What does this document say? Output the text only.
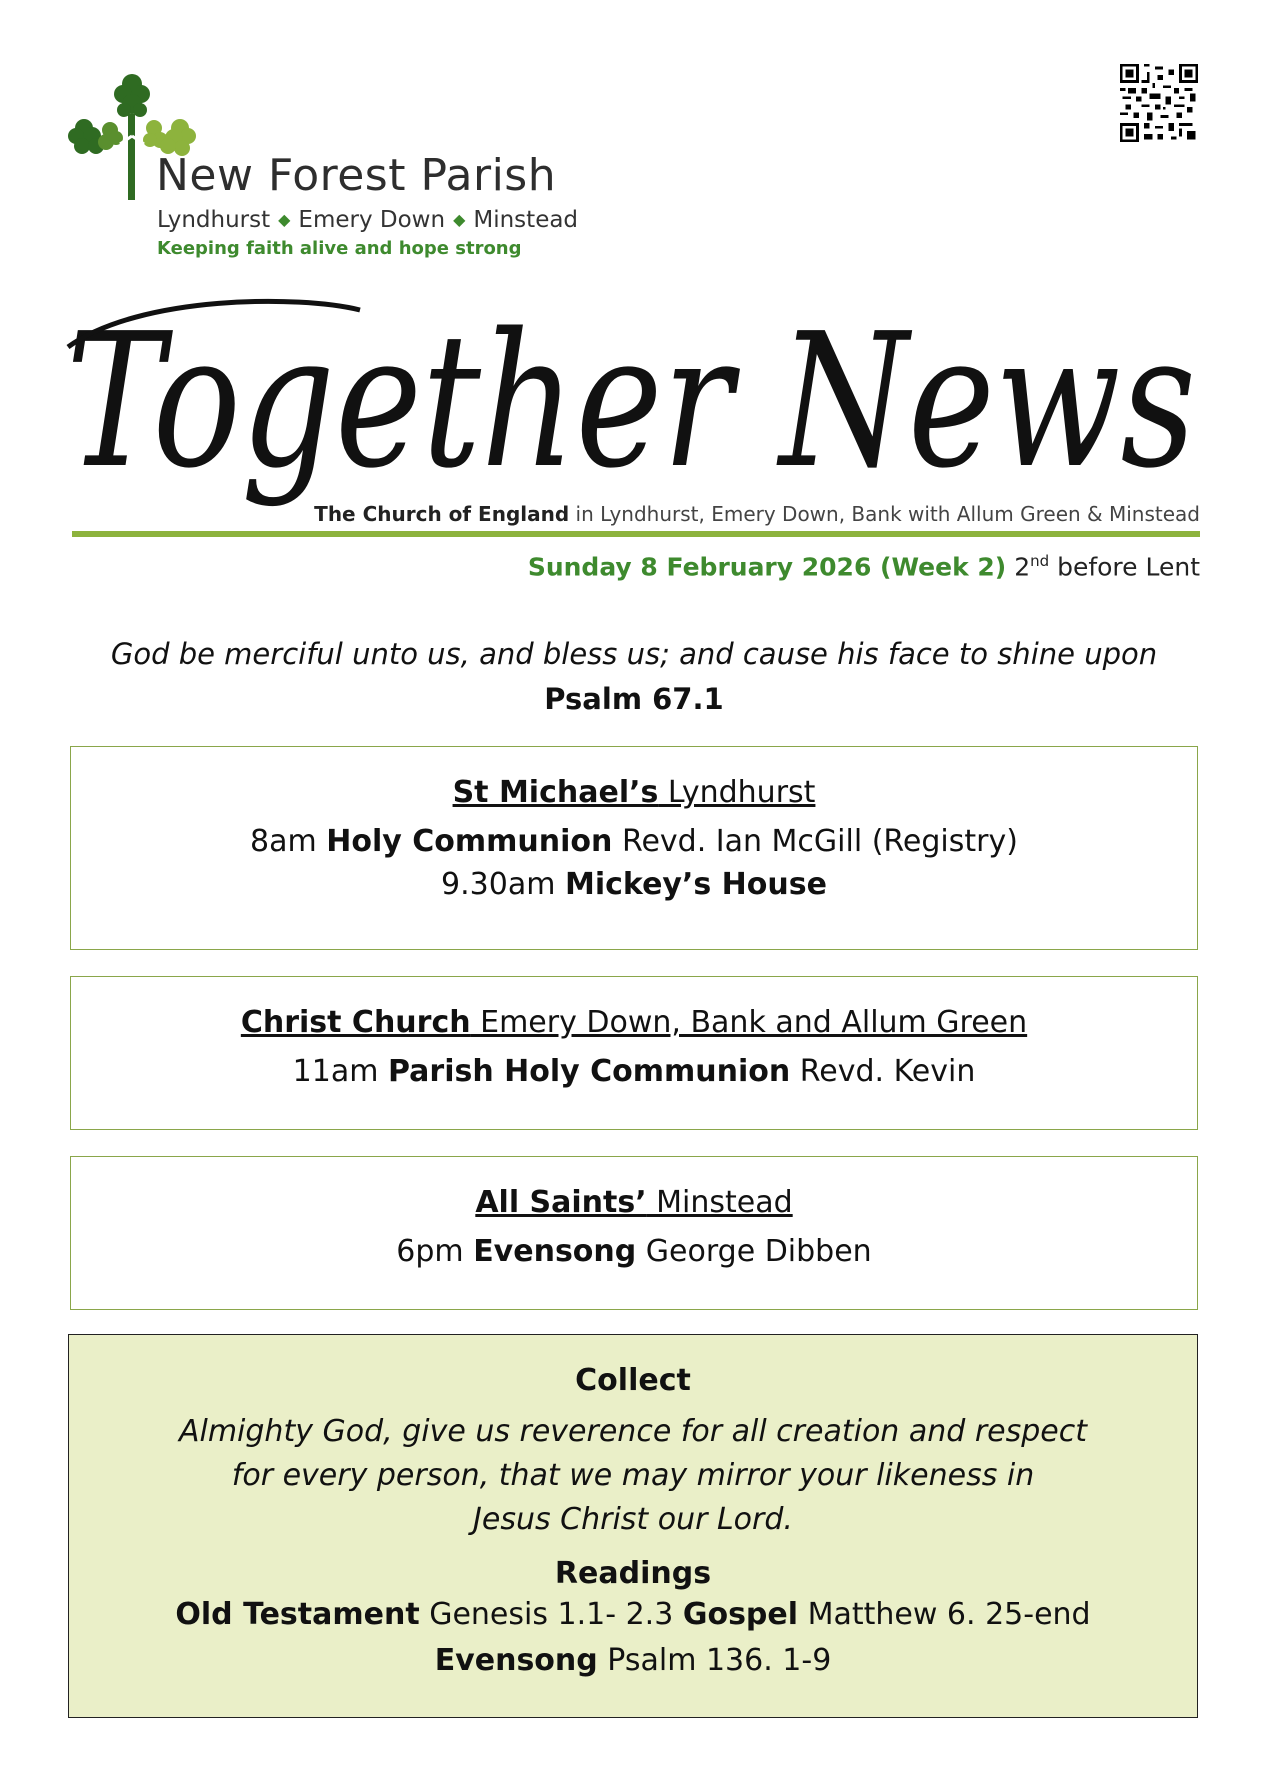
New Forest Parish
Lyndhurst ◆ Emery Down ◆ Minstead
Keeping faith alive and hope strong
Together News
The Church of England in Lyndhurst, Emery Down, Bank with Allum Green & Minstead
Sunday 8 February 2026 (Week 2) 2nd before Lent
God be merciful unto us, and bless us; and cause his face to shine upon
Psalm 67.1
St Michael’s Lyndhurst
8am Holy Communion Revd. Ian McGill (Registry)
9.30am Mickey’s House
Christ Church Emery Down, Bank and Allum Green
11am Parish Holy Communion Revd. Kevin
All Saints’ Minstead
6pm Evensong George Dibben
Collect
Almighty God, give us reverence for all creation and respect
for every person, that we may mirror your likeness in
Jesus Christ our Lord.
Readings
Old Testament Genesis 1.1- 2.3 Gospel Matthew 6. 25-end
Evensong Psalm 136. 1-9
